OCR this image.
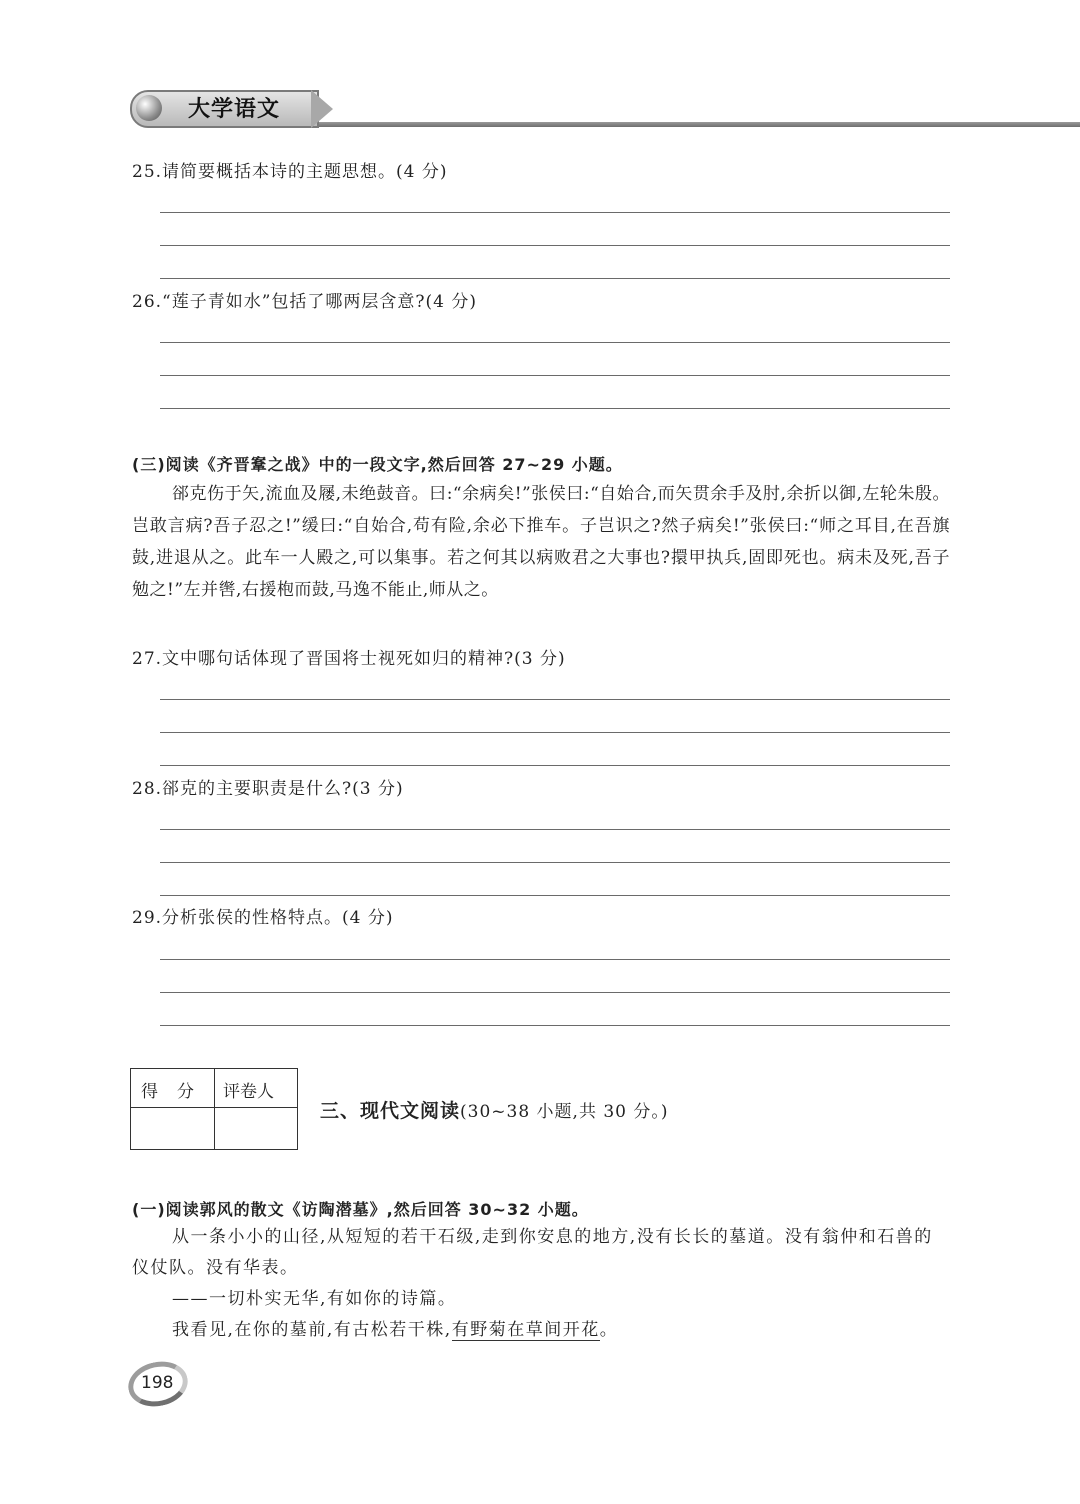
大学语文
25.请简要概括本诗的主题思想。(4 分)
26.“莲子青如水”包括了哪两层含意?(4 分)
(三)阅读《齐晋鞌之战》中的一段文字,然后回答 27~29 小题。

郤克伤于矢,流血及屦,未绝鼓音。曰:“余病矣!”张侯曰:“自始合,而矢贯余手及肘,余折以御,左轮朱殷。岂敢言病?吾子忍之!”缓曰:“自始合,苟有险,余必下推车。子岂识之?然子病矣!”张侯曰:“师之耳目,在吾旗鼓,进退从之。此车一人殿之,可以集事。若之何其以病败君之大事也?擐甲执兵,固即死也。病未及死,吾子勉之!”左并辔,右援枹而鼓,马逸不能止,师从之。

27.文中哪句话体现了晋国将士视死如归的精神?(3 分)
28.郤克的主要职责是什么?(3 分)
29.分析张侯的性格特点。(4 分)
得　分 评卷人
三、现代文阅读(30~38 小题,共 30 分。)
(一)阅读郭风的散文《访陶潜墓》,然后回答 30~32 小题。

从一条小小的山径,从短短的若干石级,走到你安息的地方,没有长长的墓道。没有翁仲和石兽的仪仗队。没有华表。

——一切朴实无华,有如你的诗篇。

我看见,在你的墓前,有古松若干株,有野菊在草间开花。

198
